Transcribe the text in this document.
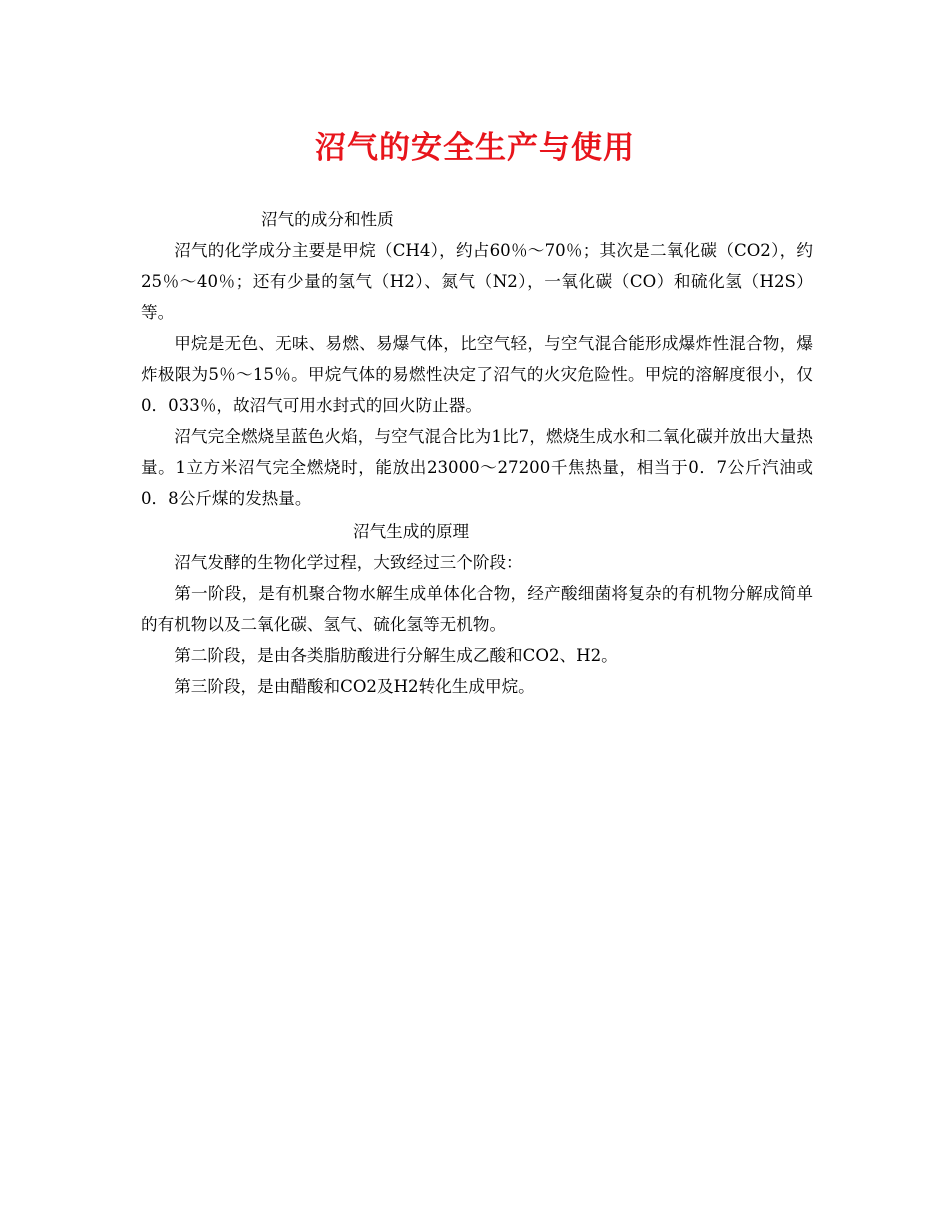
沼气的安全生产与使用

沼气的成分和性质

沼气的化学成分主要是甲烷（CH4），约占60％～70％；其次是二氧化碳（CO2），约25％～40％；还有少量的氢气（H2）、氮气（N2），一氧化碳（CO）和硫化氢（H2S）等。

甲烷是无色、无味、易燃、易爆气体，比空气轻，与空气混合能形成爆炸性混合物，爆炸极限为5％～15％。甲烷气体的易燃性决定了沼气的火灾危险性。甲烷的溶解度很小，仅0．033％，故沼气可用水封式的回火防止器。

沼气完全燃烧呈蓝色火焰，与空气混合比为1比7，燃烧生成水和二氧化碳并放出大量热量。1立方米沼气完全燃烧时，能放出23000～27200千焦热量，相当于0．7公斤汽油或0．8公斤煤的发热量。

沼气生成的原理

沼气发酵的生物化学过程，大致经过三个阶段：

第一阶段，是有机聚合物水解生成单体化合物，经产酸细菌将复杂的有机物分解成简单的有机物以及二氧化碳、氢气、硫化氢等无机物。

第二阶段，是由各类脂肪酸进行分解生成乙酸和CO2、H2。

第三阶段，是由醋酸和CO2及H2转化生成甲烷。
